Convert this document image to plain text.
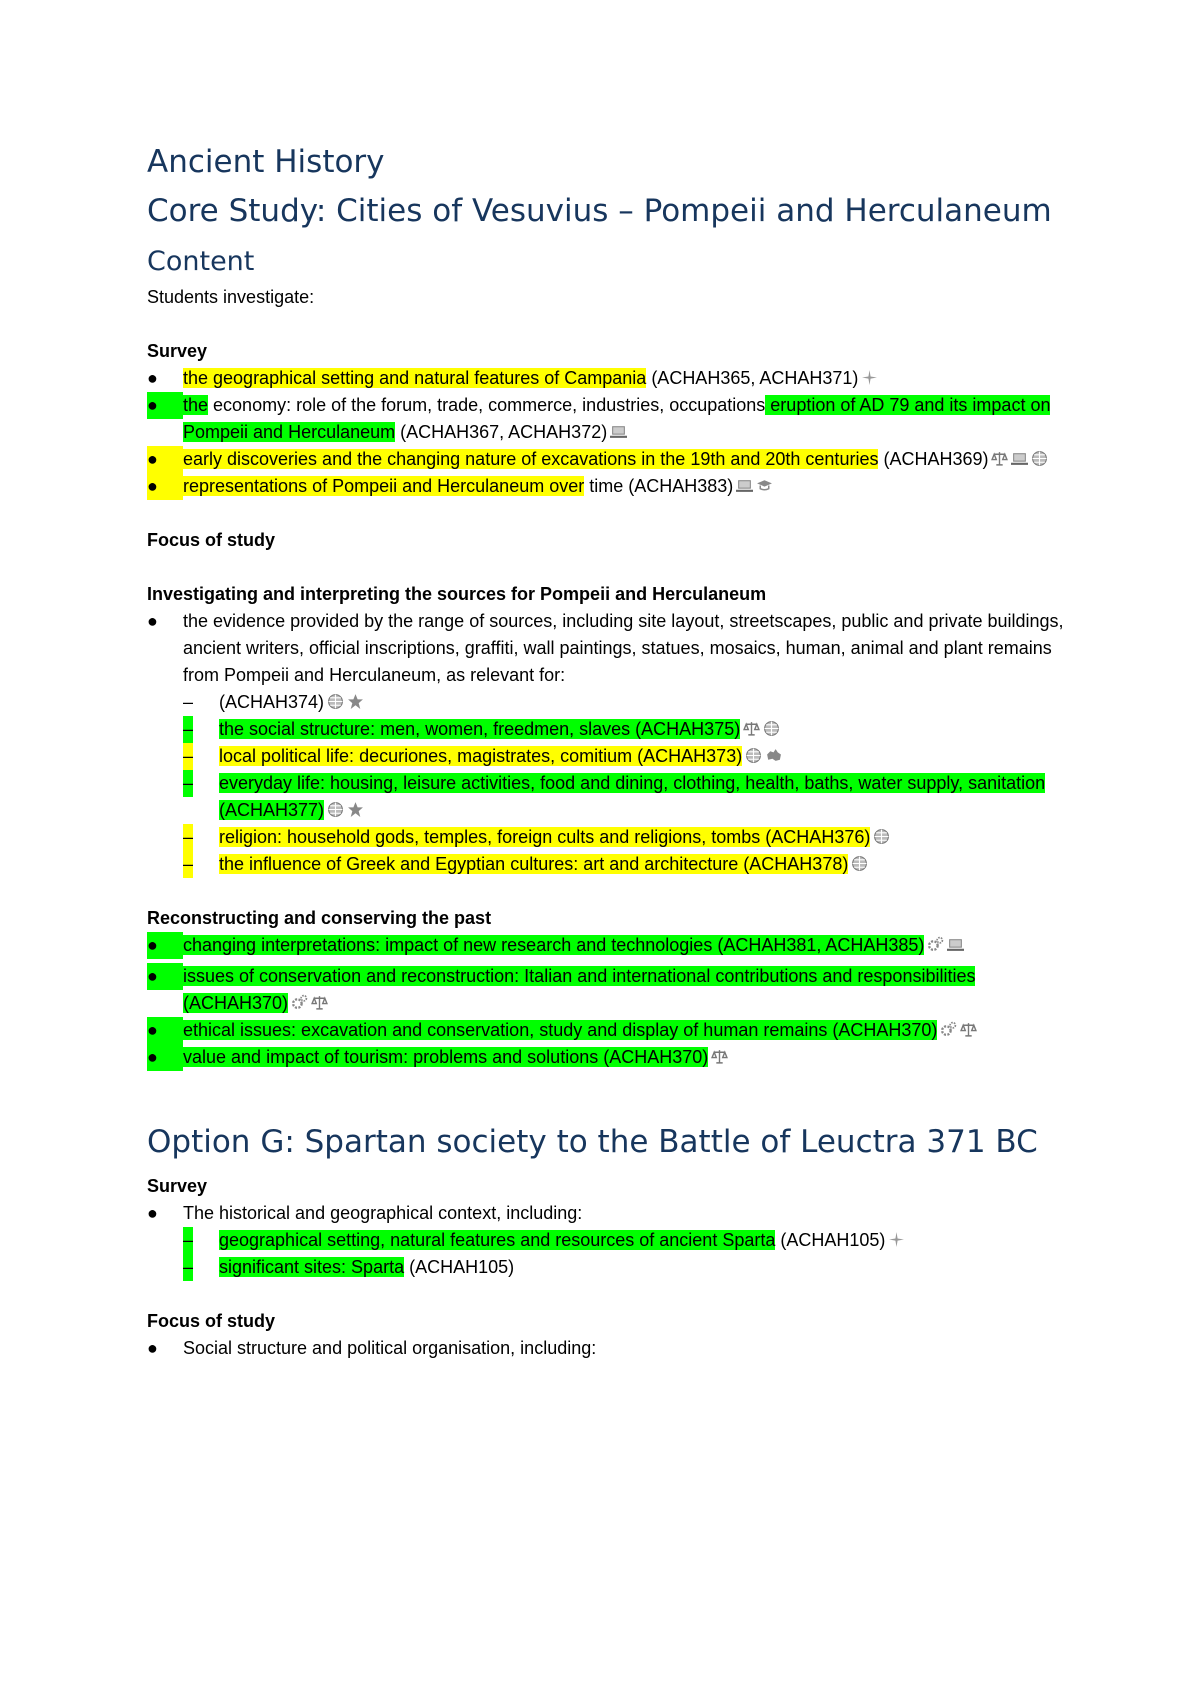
Ancient History
Core Study: Cities of Vesuvius – Pompeii and Herculaneum
Content

Students investigate:

Survey

●	the geographical setting and natural features of Campania (ACHAH365, ACHAH371)
●	the economy: role of the forum, trade, commerce, industries, occupations eruption of AD 79 and its impact on Pompeii and Herculaneum (ACHAH367, ACHAH372)
●	early discoveries and the changing nature of excavations in the 19th and 20th centuries (ACHAH369)
●	representations of Pompeii and Herculaneum over time (ACHAH383)

Focus of study

Investigating and interpreting the sources for Pompeii and Herculaneum

●	the evidence provided by the range of sources, including site layout, streetscapes, public and private buildings, ancient writers, official inscriptions, graffiti, wall paintings, statues, mosaics, human, animal and plant remains from Pompeii and Herculaneum, as relevant for:
– (ACHAH374)
– the social structure: men, women, freedmen, slaves (ACHAH375)
– local political life: decuriones, magistrates, comitium (ACHAH373)
– everyday life: housing, leisure activities, food and dining, clothing, health, baths, water supply, sanitation (ACHAH377)
– religion: household gods, temples, foreign cults and religions, tombs (ACHAH376)
– the influence of Greek and Egyptian cultures: art and architecture (ACHAH378)

Reconstructing and conserving the past

●	changing interpretations: impact of new research and technologies (ACHAH381, ACHAH385)
●	issues of conservation and reconstruction: Italian and international contributions and responsibilities (ACHAH370)
●	ethical issues: excavation and conservation, study and display of human remains (ACHAH370)
●	value and impact of tourism: problems and solutions (ACHAH370)
Option G: Spartan society to the Battle of Leuctra 371 BC

Survey

●	The historical and geographical context, including:
– geographical setting, natural features and resources of ancient Sparta (ACHAH105)
– significant sites: Sparta (ACHAH105)

Focus of study

●	Social structure and political organisation, including:
